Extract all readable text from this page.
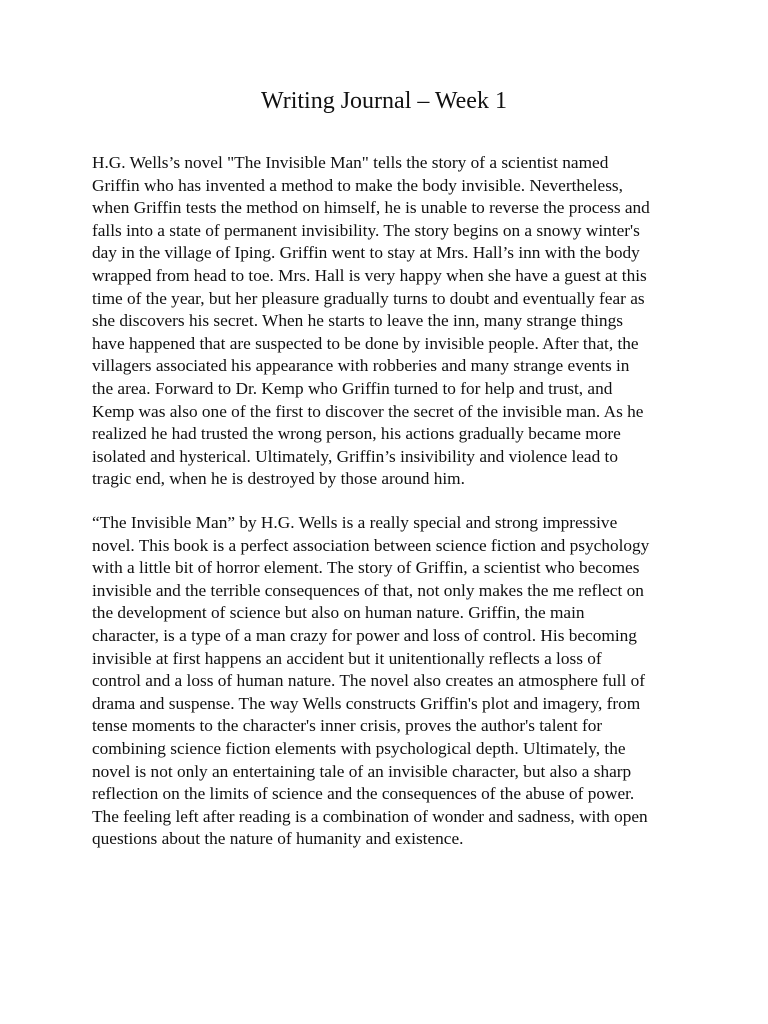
Writing Journal – Week 1

H.G. Wells’s novel "The Invisible Man" tells the story of a scientist named
Griffin who has invented a method to make the body invisible. Nevertheless,
when Griffin tests the method on himself, he is unable to reverse the process and
falls into a state of permanent invisibility. The story begins on a snowy winter's
day in the village of Iping. Griffin went to stay at Mrs. Hall’s inn with the body
wrapped from head to toe. Mrs. Hall is very happy when she have a guest at this
time of the year, but her pleasure gradually turns to doubt and eventually fear as
she discovers his secret. When he starts to leave the inn, many strange things
have happened that are suspected to be done by invisible people. After that, the
villagers associated his appearance with robberies and many strange events in
the area. Forward to Dr. Kemp who Griffin turned to for help and trust, and
Kemp was also one of the first to discover the secret of the invisible man. As he
realized he had trusted the wrong person, his actions gradually became more
isolated and hysterical. Ultimately, Griffin’s insivibility and violence lead to
tragic end, when he is destroyed by those around him.

“The Invisible Man” by H.G. Wells is a really special and strong impressive
novel. This book is a perfect association between science fiction and psychology
with a little bit of horror element. The story of Griffin, a scientist who becomes
invisible and the terrible consequences of that, not only makes the me reflect on
the development of science but also on human nature. Griffin, the main
character, is a type of a man crazy for power and loss of control. His becoming
invisible at first happens an accident but it unitentionally reflects a loss of
control and a loss of human nature. The novel also creates an atmosphere full of
drama and suspense. The way Wells constructs Griffin's plot and imagery, from
tense moments to the character's inner crisis, proves the author's talent for
combining science fiction elements with psychological depth. Ultimately, the
novel is not only an entertaining tale of an invisible character, but also a sharp
reflection on the limits of science and the consequences of the abuse of power.
The feeling left after reading is a combination of wonder and sadness, with open
questions about the nature of humanity and existence.
